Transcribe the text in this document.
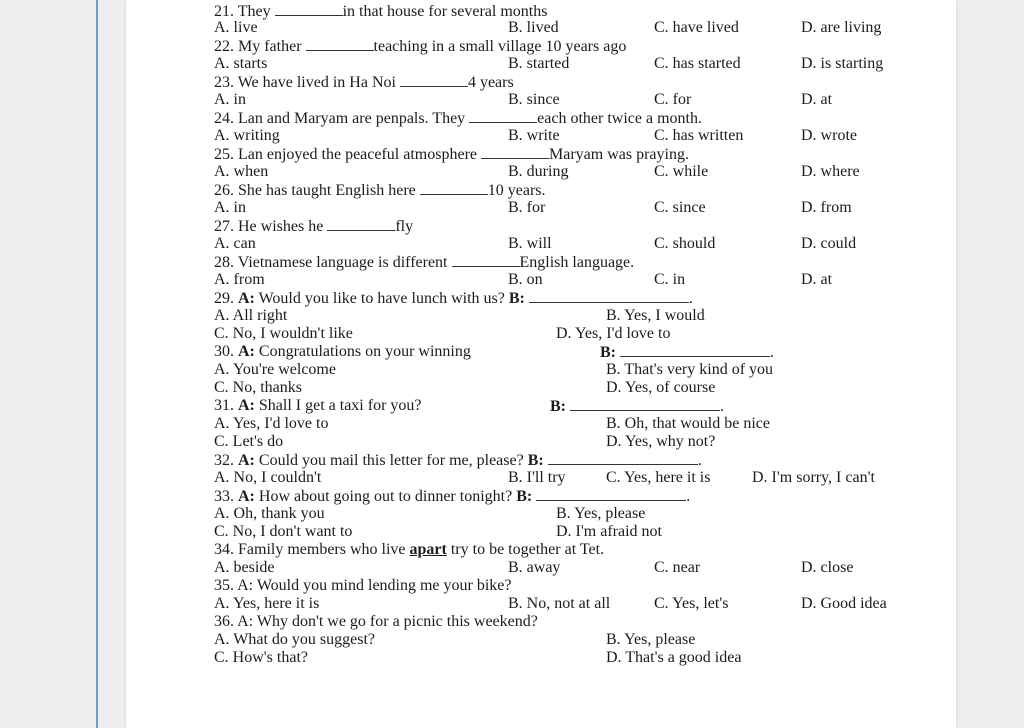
21. They	in that house for several months
A. live	B. lived	C. have lived	D. are living
22. My father	teaching in a small village 10 years ago
A. starts	B. started	C. has started	D. is starting
23. We have lived in Ha Noi	4 years
A. in	B. since	C. for	D. at
24. Lan and Maryam are penpals. They	each other twice a month.
A. writing	B. write	C. has written	D. wrote
25. Lan enjoyed the peaceful atmosphere	Maryam was praying.
A. when	B. during	C. while	D. where
26. She has taught English here	10 years.
A. in	B. for	C. since	D. from
27. He wishes he	fly
A. can	B. will	C. should	D. could
28. Vietnamese language is different	English language.
A. from	B. on	C. in	D. at
29. A: Would you like to have lunch with us? B:	.
A. All right	B. Yes, I would
C. No, I wouldn't like	D. Yes, I'd love to
30. A: Congratulations on your winning	B:	.
A. You're welcome	B. That's very kind of you
C. No, thanks	D. Yes, of course
31. A: Shall I get a taxi for you?	B:	.
A. Yes, I'd love to	B. Oh, that would be nice
C. Let's do	D. Yes, why not?
32. A: Could you mail this letter for me, please? B:	.
A. No, I couldn't	B. I'll try	C. Yes, here it is	D. I'm sorry, I can't
33. A: How about going out to dinner tonight? B:	.
A. Oh, thank you	B. Yes, please
C. No, I don't want to	D. I'm afraid not
34. Family members who live apart try to be together at Tet.
A. beside	B. away	C. near	D. close
35. A: Would you mind lending me your bike?
A. Yes, here it is	B. No, not at all	C. Yes, let's	D. Good idea
36. A: Why don't we go for a picnic this weekend?
A. What do you suggest?	B. Yes, please
C. How's that?	D. That's a good idea
